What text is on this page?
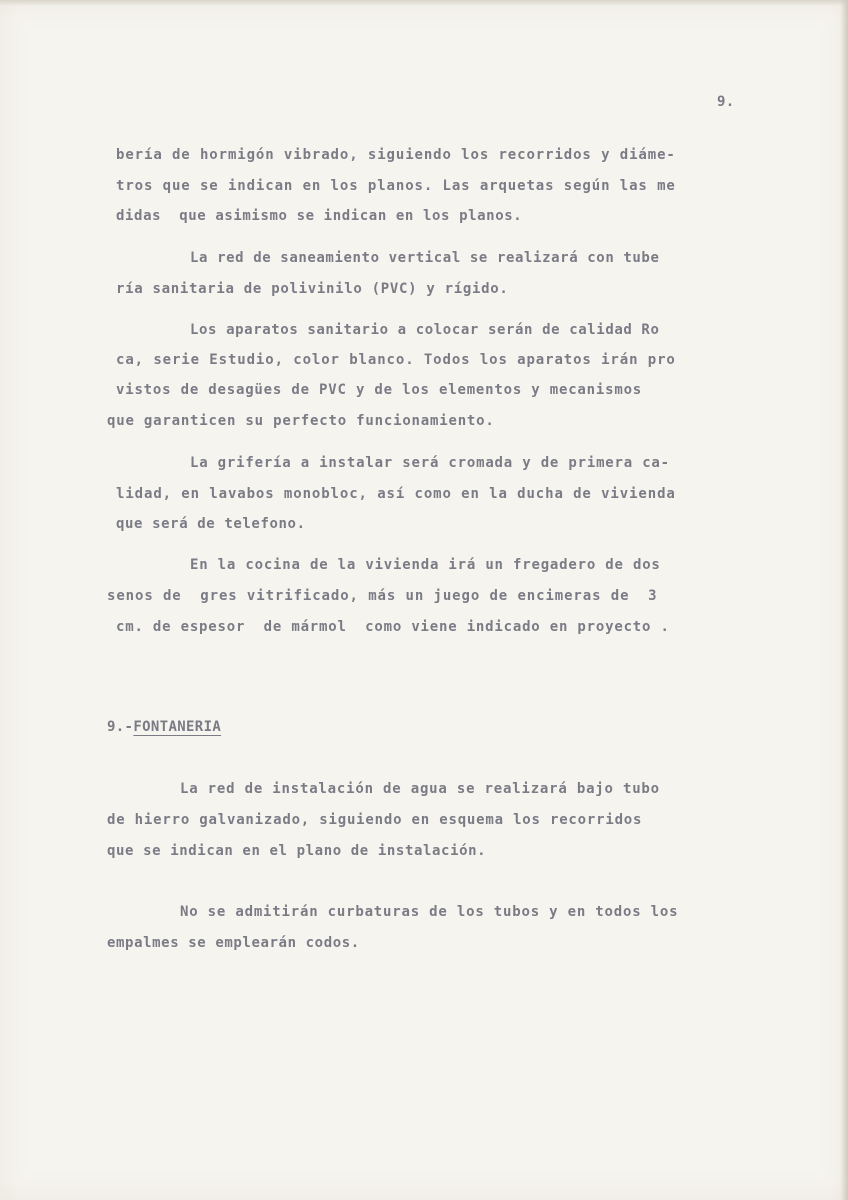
9.
bería de hormigón vibrado, siguiendo los recorridos y diáme-
tros que se indican en los planos. Las arquetas según las me
didas  que asimismo se indican en los planos.
La red de saneamiento vertical se realizará con tube
ría sanitaria de polivinilo (PVC) y rígido.
Los aparatos sanitario a colocar serán de calidad Ro
ca, serie Estudio, color blanco. Todos los aparatos irán pro
vistos de desagües de PVC y de los elementos y mecanismos
que garanticen su perfecto funcionamiento.
La grifería a instalar será cromada y de primera ca-
lidad, en lavabos monobloc, así como en la ducha de vivienda
que será de telefono.
En la cocina de la vivienda irá un fregadero de dos
senos de  gres vitrificado, más un juego de encimeras de  3
cm. de espesor  de mármol  como viene indicado en proyecto .
9.-FONTANERIA
La red de instalación de agua se realizará bajo tubo
de hierro galvanizado, siguiendo en esquema los recorridos
que se indican en el plano de instalación.
No se admitirán curbaturas de los tubos y en todos los
empalmes se emplearán codos.
